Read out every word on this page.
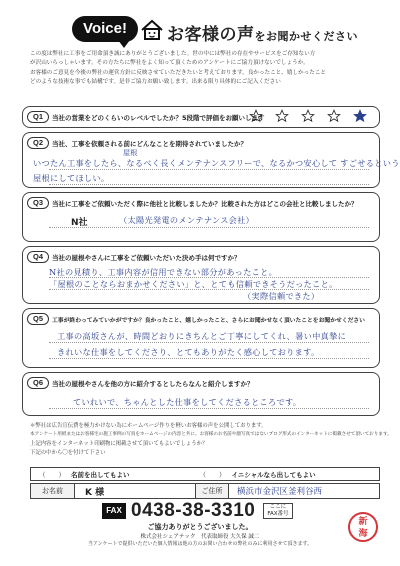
Voice!	お客様の声をお聞かせください

この度は弊社に工事をご用命頂き誠にありがとうございました。世の中には弊社の存在やサービスをご存知ない方

が沢山いらっしゃいます。その方たちに弊社をよく知って頂くためのアンケートにご協力頂けないでしょうか。

お客様のご意見を今後の弊社の運営方針に反映させていただきたいと考えております。良かったこと、嬉しかったこと

どのような技術な事でも結構です。是非ご協力お願い致します。出来る限り具体的にご記入ください

Q1	当社の営業をどのくらいのレベルでしたか？5段階で評価をお願いします
Q2	当社、工事を依頼される前にどんなことを期待されていましたか？
屋根
いつたん工事をしたら、なるべく長くメンテナンスフリーで、なるかつ安心して すごせるという
屋根にしてほしい。
Q3	当社に工事をご依頼いただく際に他社と比較しましたか？比較された方はどこの会社と比較しましたか？
N社	（太陽光発電のメンテナンス会社）
Q4	当社の屋根やさんに工事をご依頼いただいた決め手は何ですか？
N社の見積り、工事内容が信用できない部分があったこと。
「屋根のことならおまかせください」と、とても信頼できそうだったこと。
（実際信頼できた）
Q5	工事が終わってみていかがですか？良かったこと、嬉しかったこと、さらにお聞かせなく頂いたことをお聞かせください
工事の高坂さんが、時間どおりにきちんとご丁寧にしてくれ、暑い中真摯に
きれいな仕事をしてくださり、とてもありがたく感心しております。
Q6	当社の屋根やさんを他の方に紹介するとしたらなんと紹介しますか？
ていれいで、ちゃんとした仕事をしてくださるところです。
＊弊社は広告宣伝費を極力かけない為にホームページ作りを軽いお客様の声を公開しております。
本アンケート用紙またはお客様宅の施工事例の写真をホームページの内容と共に、お客様のお名前や顔写真ではないブログ形式のインターネットに掲載させて頂いております。
上記内容をインターネット印刷物に掲載させて頂いてもよいでしょうか？
下記の中から〇を付けて下さい
（　　） 名前を出してもよい	（　　） イニシャルなら出してもよい
お名前	K 様	ご住所	横浜市金沢区釜利谷西
FAX 0438-38-3310	ここに
FAX番号
ご協力ありがとうございました。
株式会社シェアテック　代表取締役 大久保 誠二
当アンケートで提供いただいた個人情報は他の方のお問い合わせの弊社のみに利用させて頂きます。
新
海
